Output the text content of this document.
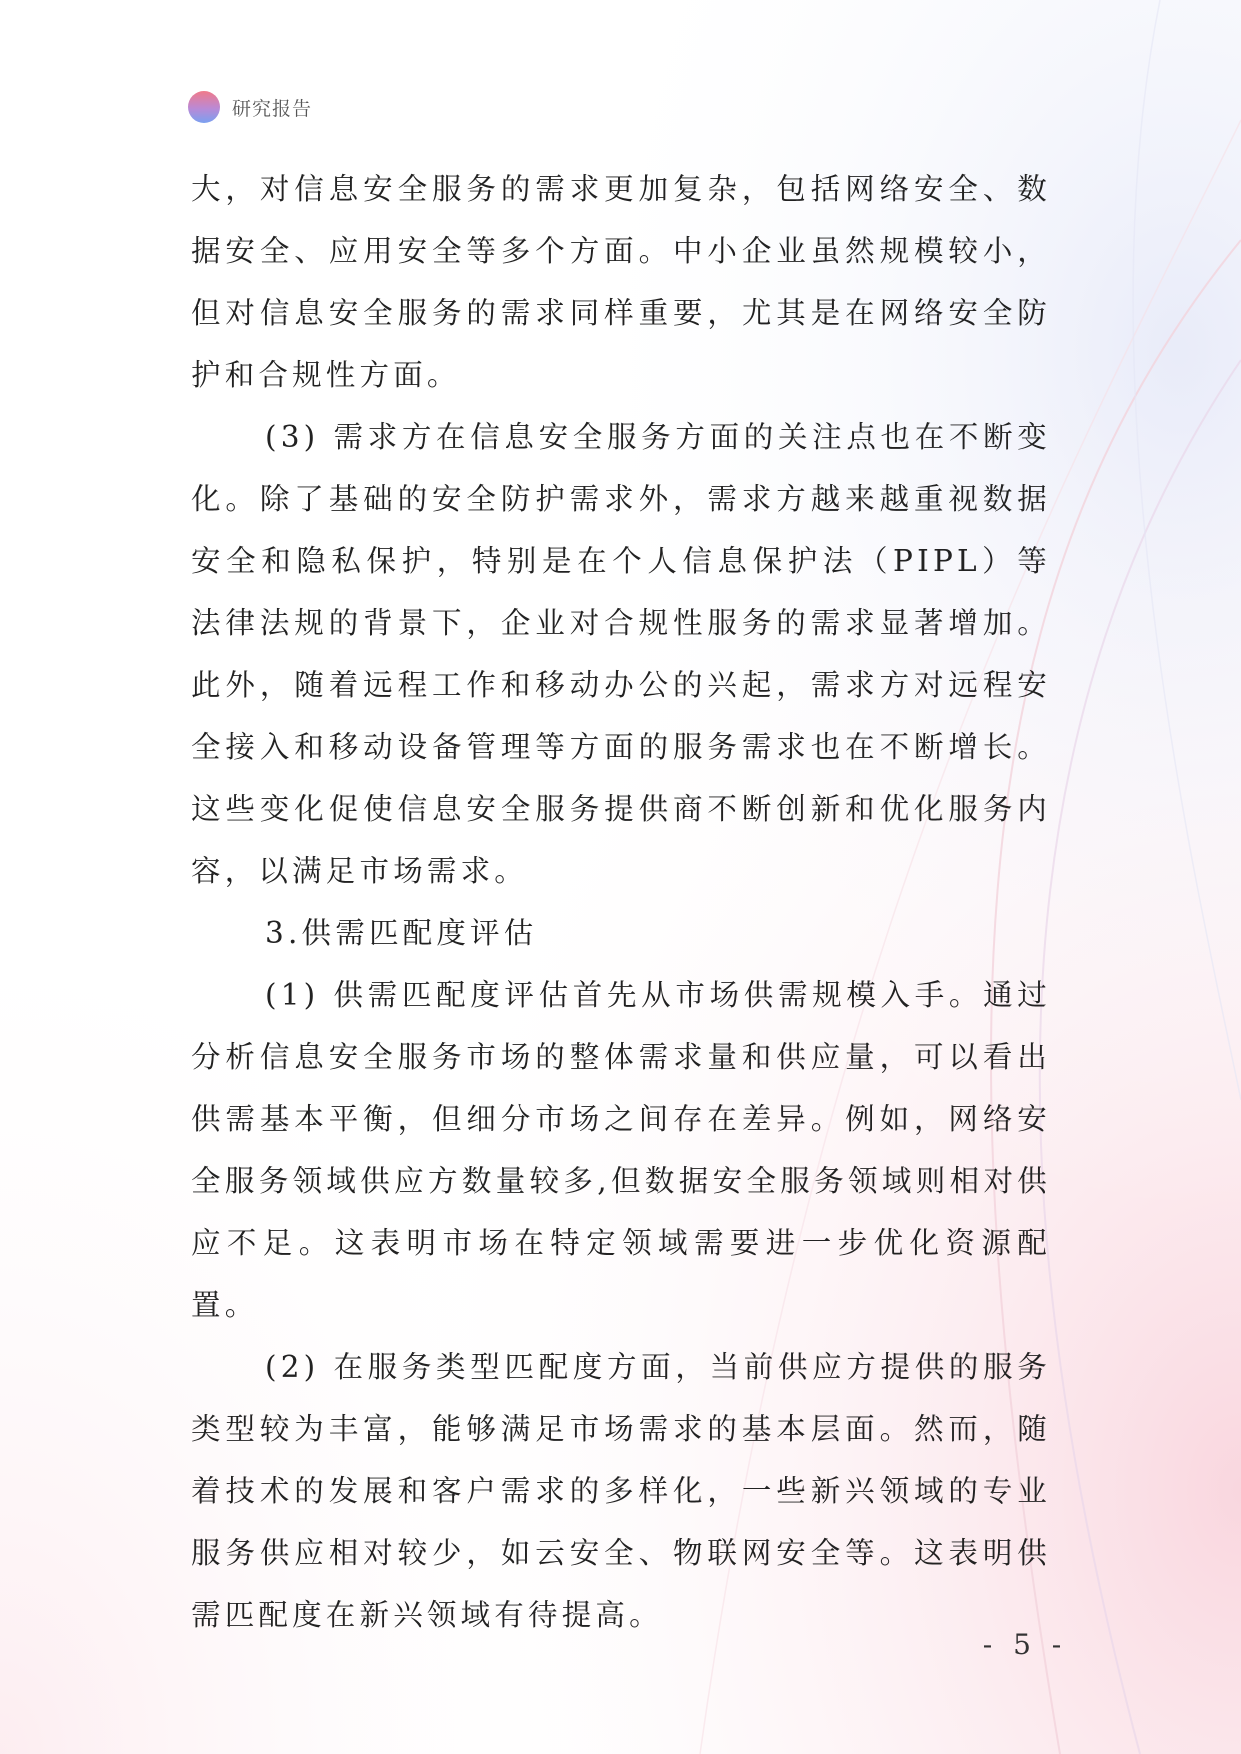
研究报告

大，对信息安全服务的需求更加复杂，包括网络安全、数据安全、应用安全等多个方面。中小企业虽然规模较小，但对信息安全服务的需求同样重要，尤其是在网络安全防护和合规性方面。

(3) 需求方在信息安全服务方面的关注点也在不断变化。除了基础的安全防护需求外，需求方越来越重视数据安全和隐私保护，特别是在个人信息保护法（PIPL）等法律法规的背景下，企业对合规性服务的需求显著增加。此外，随着远程工作和移动办公的兴起，需求方对远程安全接入和移动设备管理等方面的服务需求也在不断增长。这些变化促使信息安全服务提供商不断创新和优化服务内容，以满足市场需求。

3.供需匹配度评估

(1) 供需匹配度评估首先从市场供需规模入手。通过分析信息安全服务市场的整体需求量和供应量，可以看出供需基本平衡，但细分市场之间存在差异。例如，网络安全服务领域供应方数量较多,但数据安全服务领域则相对供应不足。这表明市场在特定领域需要进一步优化资源配置。

(2) 在服务类型匹配度方面，当前供应方提供的服务类型较为丰富，能够满足市场需求的基本层面。然而，随着技术的发展和客户需求的多样化，一些新兴领域的专业服务供应相对较少，如云安全、物联网安全等。这表明供需匹配度在新兴领域有待提高。

- 5 -
